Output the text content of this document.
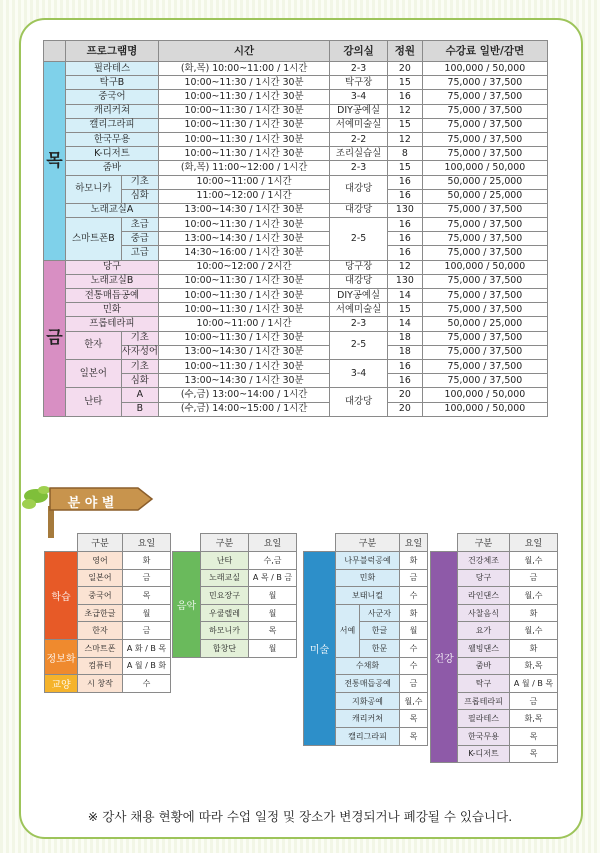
	프로그램명		시간	강의실	정원	수강료 일반/감면
목	필라테스		(화,목) 10:00~11:00 / 1시간	2-3	20	100,000 / 50,000
	탁구B		10:00~11:30 / 1시간 30분	탁구장	15	75,000 / 37,500
	중국어		10:00~11:30 / 1시간 30분	3-4	16	75,000 / 37,500
	캐리커쳐		10:00~11:30 / 1시간 30분	DIY공예실	12	75,000 / 37,500
	캘리그라피		10:00~11:30 / 1시간 30분	서예미술실	15	75,000 / 37,500
	한국무용		10:00~11:30 / 1시간 30분	2-2	12	75,000 / 37,500
	K-디저트		10:00~11:30 / 1시간 30분	조리실습실	8	75,000 / 37,500
	줌바		(화,목) 11:00~12:00 / 1시간	2-3	15	100,000 / 50,000
	하모니카	기초	10:00~11:00 / 1시간	대강당	16	50,000 / 25,000
		심화	11:00~12:00 / 1시간		16	50,000 / 25,000
	노래교실A		13:00~14:30 / 1시간 30분	대강당	130	75,000 / 37,500
	스마트폰B	초급	10:00~11:30 / 1시간 30분	2-5	16	75,000 / 37,500
		중급	13:00~14:30 / 1시간 30분		16	75,000 / 37,500
		고급	14:30~16:00 / 1시간 30분		16	75,000 / 37,500
금	당구		10:00~12:00 / 2시간	당구장	12	100,000 / 50,000
	노래교실B		10:00~11:30 / 1시간 30분	대강당	130	75,000 / 37,500
	전통매듭공예		10:00~11:30 / 1시간 30분	DIY공예실	14	75,000 / 37,500
	민화		10:00~11:30 / 1시간 30분	서예미술실	15	75,000 / 37,500
	프롭테라피		10:00~11:00 / 1시간	2-3	14	50,000 / 25,000
	한자	기초	10:00~11:30 / 1시간 30분	2-5	18	75,000 / 37,500
		사자성어	13:00~14:30 / 1시간 30분		18	75,000 / 37,500
	일본어	기초	10:00~11:30 / 1시간 30분	3-4	16	75,000 / 37,500
		심화	13:00~14:30 / 1시간 30분		16	75,000 / 37,500
	난타	A	(수,금) 13:00~14:00 / 1시간	대강당	20	100,000 / 50,000
		B	(수,금) 14:00~15:00 / 1시간		20	100,000 / 50,000
분 야 별
	구분	요일
학습	영어	화
	일본어	금
	중국어	목
	초급한글	월
	한자	금
정보화	스마트폰	A 화 / B 목
	컴퓨터	A 월 / B 화
교양	시 창작	수
	구분	요일
음악	난타	수,금
	노래교실	A 목 / B 금
	민요장구	월
	우쿨렐레	월
	하모니카	목
	합창단	월
	구분		요일
미술	나무블럭공예		화
	민화		금
	보태니컬		수
	서예	사군자	화
		한글	월
		한문	수
	수채화		수
	전통매듭공예		금
	지화공예		월,수
	캐리커쳐		목
	캘리그라피		목
	구분	요일
건강	건강체조	월,수
	당구	금
	라인댄스	월,수
	사찰음식	화
	요가	월,수
	웰빙댄스	화
	줌바	화,목
	탁구	A 월 / B 목
	프롭테라피	금
	필라테스	화,목
	한국무용	목
	K-디저트	목
※ 강사 채용 현황에 따라 수업 일정 및 장소가 변경되거나 폐강될 수 있습니다.
